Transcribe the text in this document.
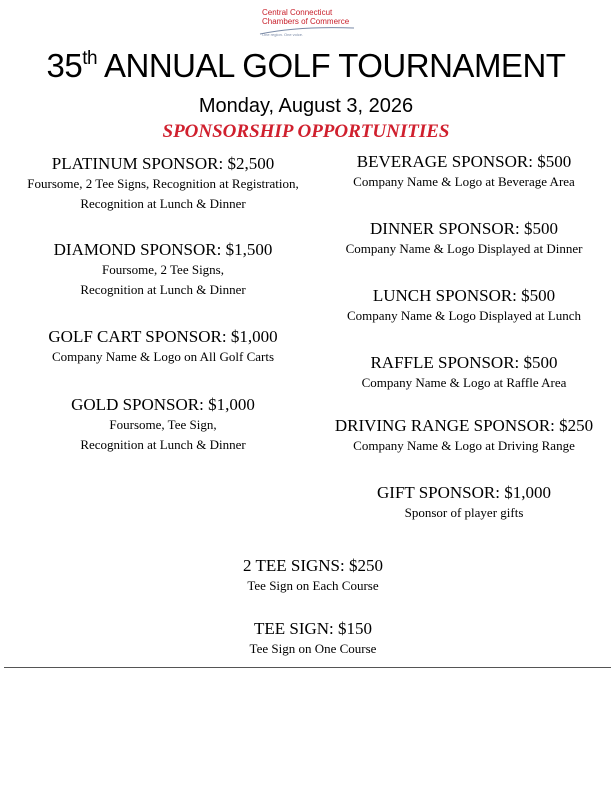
Central Connecticut
Chambers of Commerce
One region. One voice.
35th ANNUAL GOLF TOURNAMENT
Monday, August 3, 2026
SPONSORSHIP OPPORTUNITIES
PLATINUM SPONSOR: $2,500
Foursome, 2 Tee Signs, Recognition at Registration,
Recognition at Lunch & Dinner
DIAMOND SPONSOR: $1,500
Foursome, 2 Tee Signs,
Recognition at Lunch & Dinner
GOLF CART SPONSOR: $1,000
Company Name & Logo on All Golf Carts
GOLD SPONSOR: $1,000
Foursome, Tee Sign,
Recognition at Lunch & Dinner
BEVERAGE SPONSOR: $500
Company Name & Logo at Beverage Area
DINNER SPONSOR: $500
Company Name & Logo Displayed at Dinner
LUNCH SPONSOR: $500
Company Name & Logo Displayed at Lunch
RAFFLE SPONSOR: $500
Company Name & Logo at Raffle Area
DRIVING RANGE SPONSOR: $250
Company Name & Logo at Driving Range
GIFT SPONSOR: $1,000
Sponsor of player gifts
2 TEE SIGNS: $250
Tee Sign on Each Course
TEE SIGN: $150
Tee Sign on One Course
